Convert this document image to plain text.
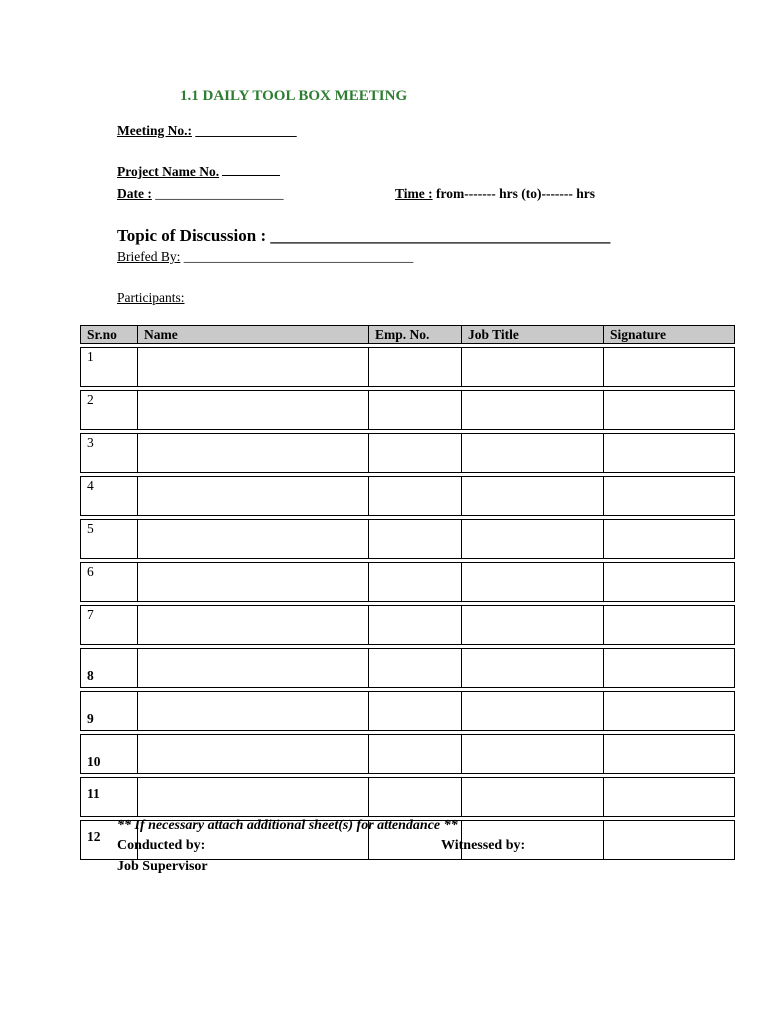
1.1 DAILY TOOL BOX MEETING
Meeting No.: _______________
Project Name No.
Date : ___________________	Time : from------- hrs (to)------- hrs
Topic of Discussion : ________________________________________
Briefed By: __________________________________
Participants:
Sr.no	Name	Emp. No.	Job Title	Signature

1				

2				

3				

4				

5				

6				

7				

8				

9				

10				

11				

12				

** If necessary attach additional sheet(s) for attendance **
Conducted by:	Witnessed by:
Job Supervisor
